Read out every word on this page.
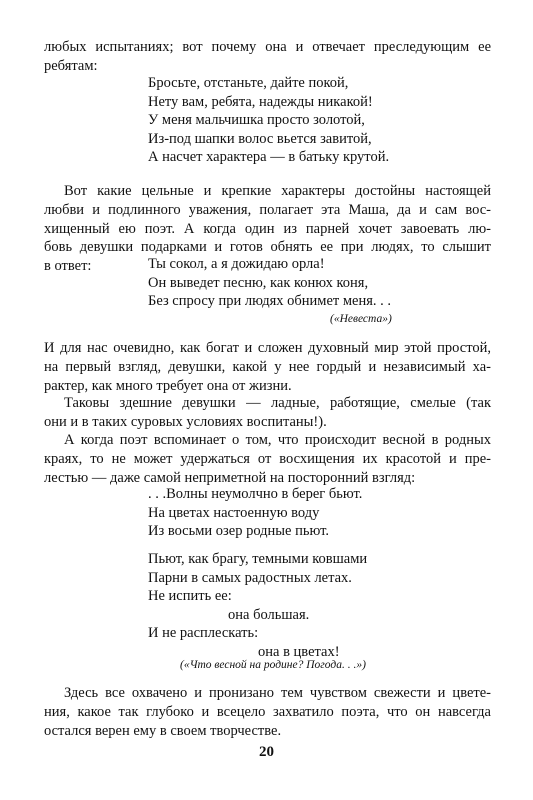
любых испытаниях; вот почему она и отвечает преследующим ее
ребятам:
Бросьте, отстаньте, дайте покой,
Нету вам, ребята, надежды никакой!
У меня мальчишка просто золотой,
Из-под шапки волос вьется завитой,
А насчет характера — в батьку крутой.
Вот какие цельные и крепкие характеры достойны настоящей
любви и подлинного уважения, полагает эта Маша, да и сам вос-
хищенный ею поэт. А когда один из парней хочет завоевать лю-
бовь девушки подарками и готов обнять ее при людях, то слышит
в ответ:	Ты сокол, а я дожидаю орла!
Он выведет песню, как конюх коня,
Без спросу при людях обнимет меня. . .
(«Невеста»)
И для нас очевидно, как богат и сложен духовный мир этой простой,
на первый взгляд, девушки, какой у нее гордый и независимый ха-
рактер, как много требует она от жизни.
Таковы здешние девушки — ладные, работящие, смелые (так
они и в таких суровых условиях воспитаны!).
А когда поэт вспоминает о том, что происходит весной в родных
краях, то не может удержаться от восхищения их красотой и пре-
лестью — даже самой неприметной на посторонний взгляд:
. . .Волны неумолчно в берег бьют.
На цветах настоенную воду
Из восьми озер родные пьют.
Пьют, как брагу, темными ковшами
Парни в самых радостных летах.
Не испить ее:
она большая.
И не расплескать:
она в цветах!
(«Что весной на родине? Погода. . .»)
Здесь все охвачено и пронизано тем чувством свежести и цвете-
ния, какое так глубоко и всецело захватило поэта, что он навсегда
остался верен ему в своем творчестве.
20
